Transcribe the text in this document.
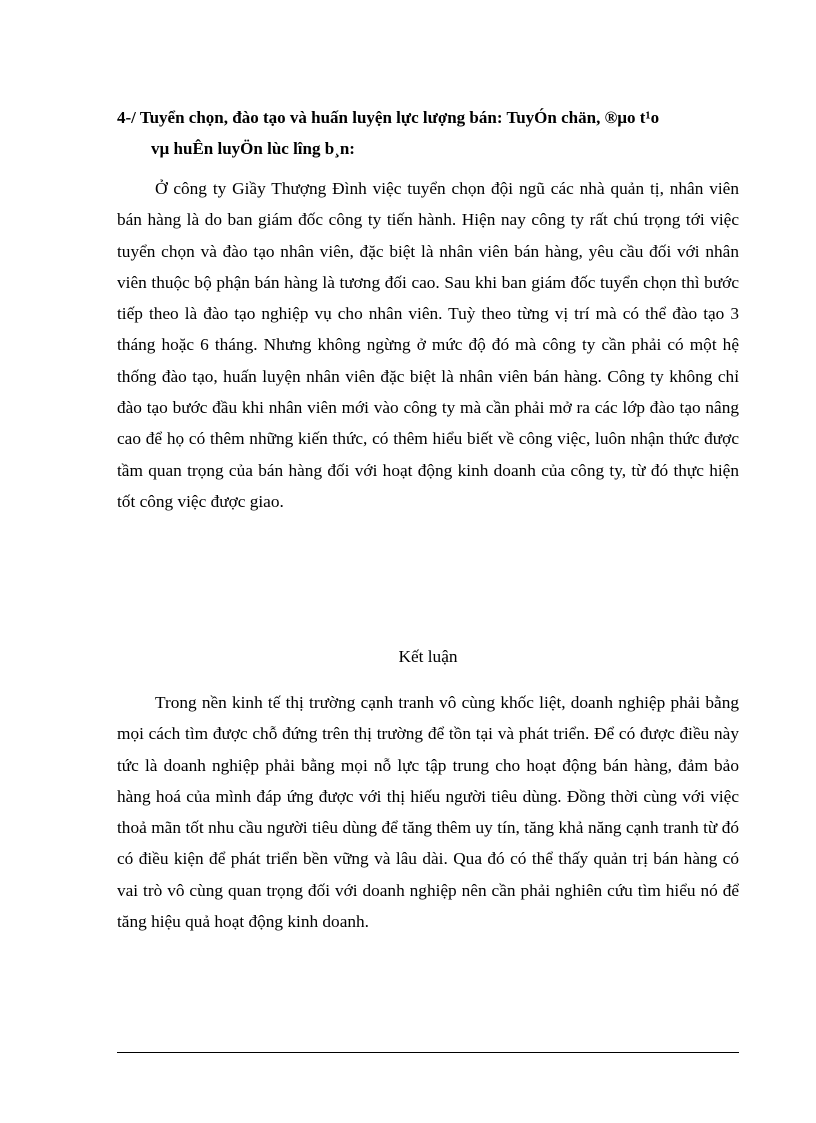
4-/ Tuyển chọn, đào tạo và huấn luyện lực lượng bán: TuyÓn chän, ®µo t¹o
vµ huÊn luyÖn lùc lîng b¸n:

Ở công ty Giầy Thượng Đình việc tuyển chọn đội ngũ các nhà quản tị, nhân viên bán hàng là do ban giám đốc công ty tiến hành. Hiện nay công ty rất chú trọng tới việc tuyển chọn và đào tạo nhân viên, đặc biệt là nhân viên bán hàng, yêu cầu đối với nhân viên thuộc bộ phận bán hàng là tương đối cao. Sau khi ban giám đốc tuyển chọn thì bước tiếp theo là đào tạo nghiệp vụ cho nhân viên. Tuỳ theo từng vị trí mà có thể đào tạo 3 tháng hoặc 6 tháng. Nhưng không ngừng ở mức độ đó mà công ty cần phải có một hệ thống đào tạo, huấn luyện nhân viên đặc biệt là nhân viên bán hàng. Công ty không chỉ đào tạo bước đầu khi nhân viên mới vào công ty mà cần phải mở ra các lớp đào tạo nâng cao để họ có thêm những kiến thức, có thêm hiểu biết về công việc, luôn nhận thức được tầm quan trọng của bán hàng đối với hoạt động kinh doanh của công ty, từ đó thực hiện tốt công việc được giao.

Kết luận

Trong nền kinh tế thị trường cạnh tranh vô cùng khốc liệt, doanh nghiệp phải bằng mọi cách tìm được chỗ đứng trên thị trường để tồn tại và phát triển. Để có được điều này tức là doanh nghiệp phải bằng mọi nỗ lực tập trung cho hoạt động bán hàng, đảm bảo hàng hoá của mình đáp ứng được với thị hiếu người tiêu dùng. Đồng thời cùng với việc thoả mãn tốt nhu cầu người tiêu dùng để tăng thêm uy tín, tăng khả năng cạnh tranh từ đó có điều kiện để phát triển bền vững và lâu dài. Qua đó có thể thấy quản trị bán hàng có vai trò vô cùng quan trọng đối với doanh nghiệp nên cần phải nghiên cứu tìm hiểu nó để tăng hiệu quả hoạt động kinh doanh.
